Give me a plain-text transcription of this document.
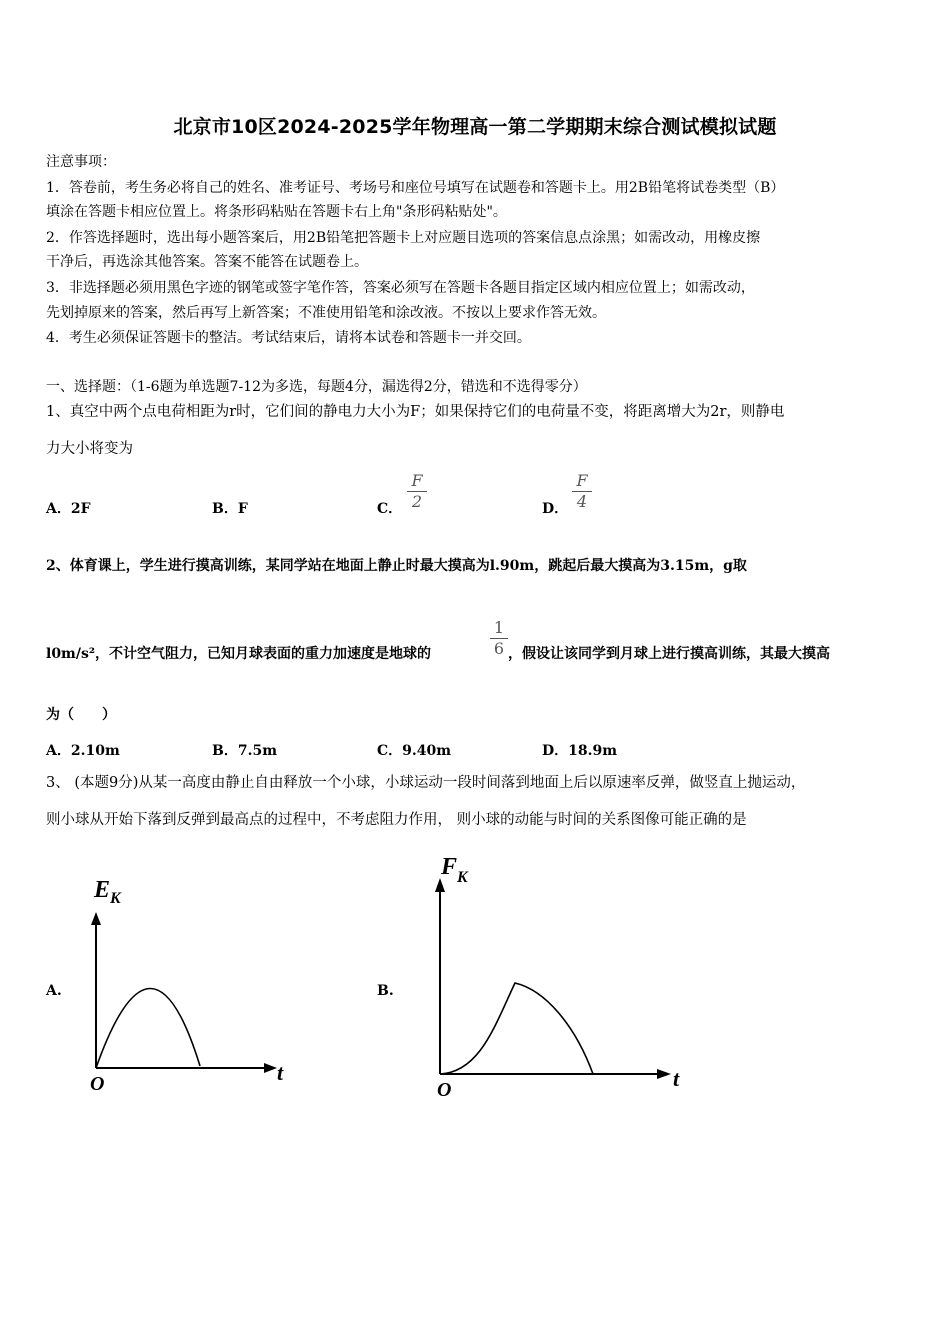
北京市10区2024-2025学年物理高一第二学期期末综合测试模拟试题
注意事项：
1．答卷前，考生务必将自己的姓名、准考证号、考场号和座位号填写在试题卷和答题卡上。用2B铅笔将试卷类型（B）
填涂在答题卡相应位置上。将条形码粘贴在答题卡右上角"条形码粘贴处"。
2．作答选择题时，选出每小题答案后，用2B铅笔把答题卡上对应题目选项的答案信息点涂黑；如需改动，用橡皮擦
干净后，再选涂其他答案。答案不能答在试题卷上。
3．非选择题必须用黑色字迹的钢笔或签字笔作答，答案必须写在答题卡各题目指定区域内相应位置上；如需改动，
先划掉原来的答案，然后再写上新答案；不准使用铅笔和涂改液。不按以上要求作答无效。
4．考生必须保证答题卡的整洁。考试结束后，请将本试卷和答题卡一并交回。
一、选择题：（1-6题为单选题7-12为多选，每题4分，漏选得2分，错选和不选得零分）
1、真空中两个点电荷相距为r时，它们间的静电力大小为F；如果保持它们的电荷量不变，将距离增大为2r，则静电
力大小将变为
A．2F	B．F	C．
F
2	D．
F
4
2、体育课上，学生进行摸高训练，某同学站在地面上静止时最大摸高为l.90m，跳起后最大摸高为3.15m，g取
l0m/s²，不计空气阻力，已知月球表面的重力加速度是地球的
1
6 ，假设让该同学到月球上进行摸高训练，其最大摸高
为（　　）
A．2.10m	B．7.5m	C．9.40m	D．18.9m
3、 (本题9分)从某一高度由静止自由释放一个小球，小球运动一段时间落到地面上后以原速率反弹，做竖直上抛运动，
则小球从开始下落到反弹到最高点的过程中，不考虑阻力作用， 则小球的动能与时间的关系图像可能正确的是
A.	B.
$E_K$
t
O
$F_K$
t
O
